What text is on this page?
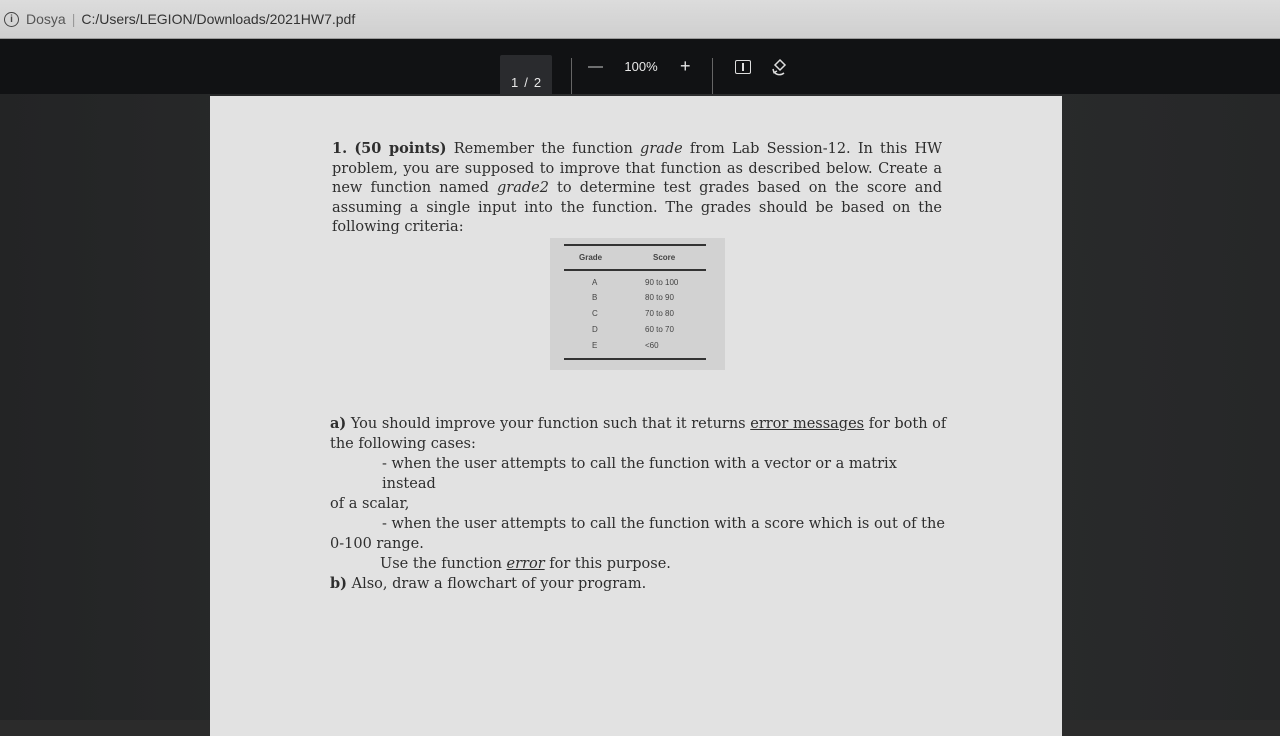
i Dosya | C:/Users/LEGION/Downloads/2021HW7.pdf
1 / 2
—	100% +
1. (50 points) Remember the function grade from Lab Session-12. In this HW problem, you are supposed to improve that function as described below. Create a new function named grade2 to determine test grades based on the score and assuming a single input into the function. The grades should be based on the following criteria:
Grade	Score
A	90 to 100
B	80 to 90
C	70 to 80
D	60 to 70
E	<60

a) You should improve your function such that it returns error messages for both of the following cases:

- when the user attempts to call the function with a vector or a matrix instead

of a scalar,

- when the user attempts to call the function with a score which is out of the

0-100 range.

Use the function error for this purpose.

b) Also, draw a flowchart of your program.
